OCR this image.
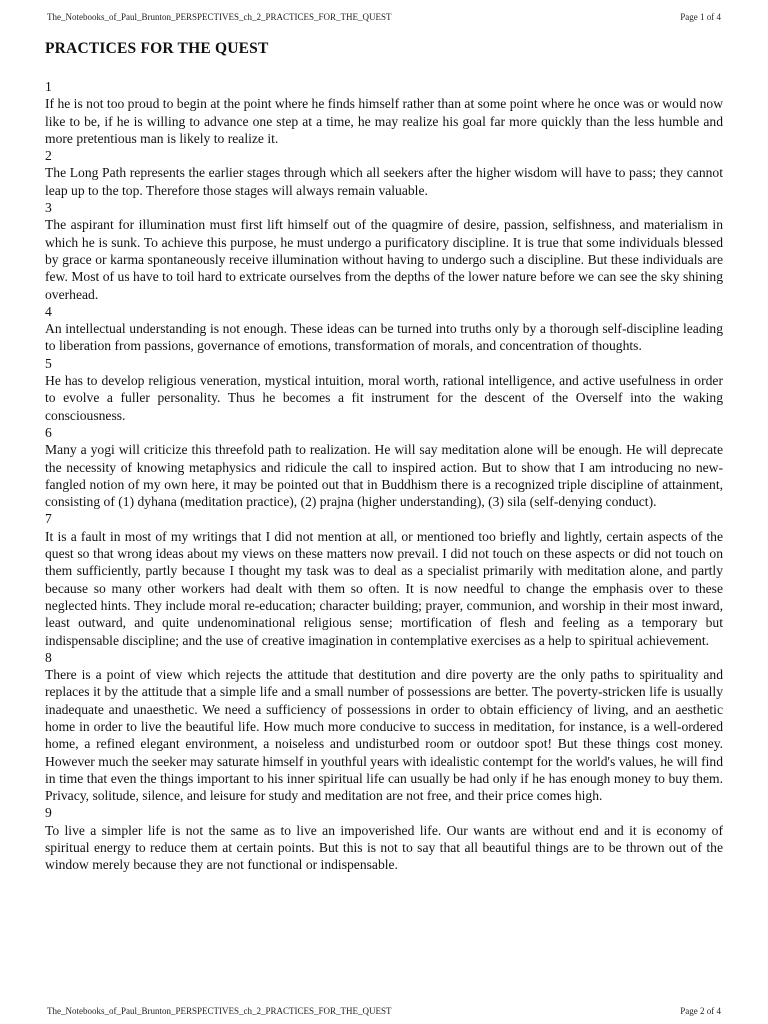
The_Notebooks_of_Paul_Brunton_PERSPECTIVES_ch_2_PRACTICES_FOR_THE_QUEST	Page 1 of 4
PRACTICES FOR THE QUEST
1

If he is not too proud to begin at the point where he finds himself rather than at some point where he once was or would now like to be, if he is willing to advance one step at a time, he may realize his goal far more quickly than the less humble and more pretentious man is likely to realize it.

2

The Long Path represents the earlier stages through which all seekers after the higher wisdom will have to pass; they cannot leap up to the top. Therefore those stages will always remain valuable.

3

The aspirant for illumination must first lift himself out of the quagmire of desire, passion, selfishness, and materialism in which he is sunk. To achieve this purpose, he must undergo a purificatory discipline. It is true that some individuals blessed by grace or karma spontaneously receive illumination without having to undergo such a discipline. But these individuals are few. Most of us have to toil hard to extricate ourselves from the depths of the lower nature before we can see the sky shining overhead.

4

An intellectual understanding is not enough. These ideas can be turned into truths only by a thorough self-discipline leading to liberation from passions, governance of emotions, transformation of morals, and concentration of thoughts.

5

He has to develop religious veneration, mystical intuition, moral worth, rational intelligence, and active usefulness in order to evolve a fuller personality. Thus he becomes a fit instrument for the descent of the Overself into the waking consciousness.

6

Many a yogi will criticize this threefold path to realization. He will say meditation alone will be enough. He will deprecate the necessity of knowing metaphysics and ridicule the call to inspired action. But to show that I am introducing no new-fangled notion of my own here, it may be pointed out that in Buddhism there is a recognized triple discipline of attainment, consisting of (1) dyhana (meditation practice), (2) prajna (higher understanding), (3) sila (self-denying conduct).

7

It is a fault in most of my writings that I did not mention at all, or mentioned too briefly and lightly, certain aspects of the quest so that wrong ideas about my views on these matters now prevail. I did not touch on these aspects or did not touch on them sufficiently, partly because I thought my task was to deal as a specialist primarily with meditation alone, and partly because so many other workers had dealt with them so often. It is now needful to change the emphasis over to these neglected hints. They include moral re-education; character building; prayer, communion, and worship in their most inward, least outward, and quite undenominational religious sense; mortification of flesh and feeling as a temporary but indispensable discipline; and the use of creative imagination in contemplative exercises as a help to spiritual achievement.

8

There is a point of view which rejects the attitude that destitution and dire poverty are the only paths to spirituality and replaces it by the attitude that a simple life and a small number of possessions are better. The poverty-stricken life is usually inadequate and unaesthetic. We need a sufficiency of possessions in order to obtain efficiency of living, and an aesthetic home in order to live the beautiful life. How much more conducive to success in meditation, for instance, is a well-ordered home, a refined elegant environment, a noiseless and undisturbed room or outdoor spot! But these things cost money. However much the seeker may saturate himself in youthful years with idealistic contempt for the world's values, he will find in time that even the things important to his inner spiritual life can usually be had only if he has enough money to buy them. Privacy, solitude, silence, and leisure for study and meditation are not free, and their price comes high.

9

To live a simpler life is not the same as to live an impoverished life. Our wants are without end and it is economy of spiritual energy to reduce them at certain points. But this is not to say that all beautiful things are to be thrown out of the window merely because they are not functional or indispensable.

The_Notebooks_of_Paul_Brunton_PERSPECTIVES_ch_2_PRACTICES_FOR_THE_QUEST	Page 2 of 4
